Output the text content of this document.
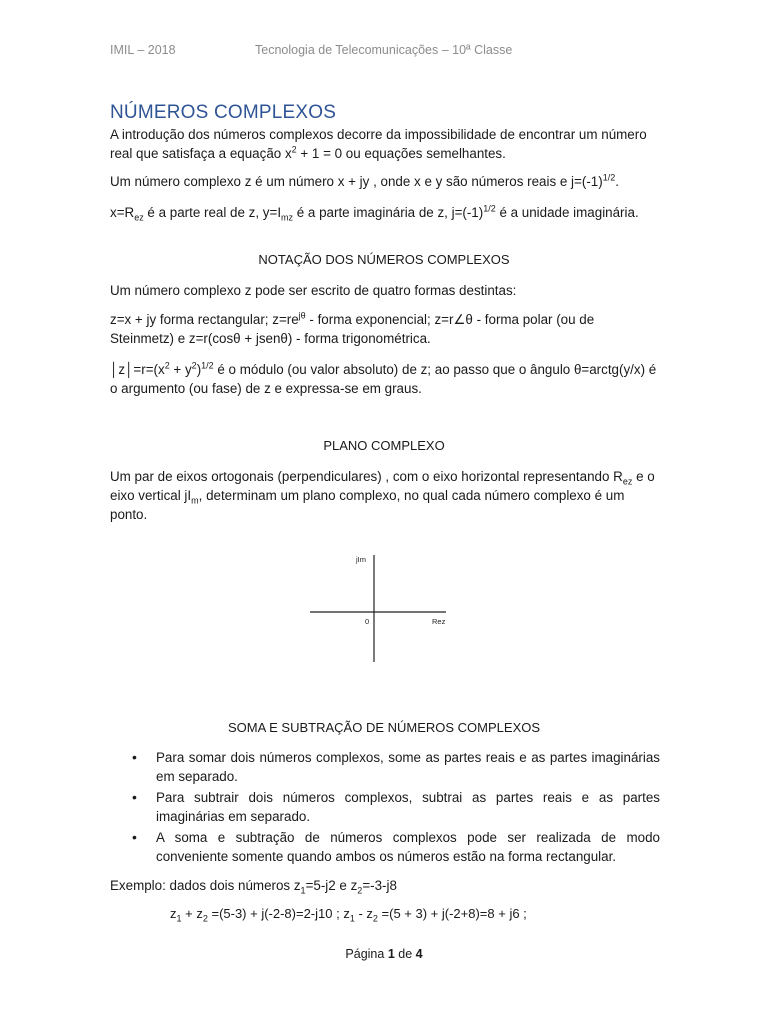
IMIL – 2018	Tecnologia de Telecomunicações – 10ª Classe
NÚMEROS COMPLEXOS

A introdução dos números complexos decorre da impossibilidade de encontrar um número real que satisfaça a equação $x^2 + 1 = 0$ ou equações semelhantes.

Um número complexo z é um número x + jy , onde x e y são números reais e $j=(-1)^{1/2}$.

$x=R_{ez}$ é a parte real de z, $y=I_{mz}$ é a parte imaginária de z, $j=(-1)^{1/2}$ é a unidade imaginária.

NOTAÇÃO DOS NÚMEROS COMPLEXOS

Um número complexo z pode ser escrito de quatro formas destintas:

z=x + jy forma rectangular; $z=re^{j\theta}$ - forma exponencial; z=r∠θ - forma polar (ou de Steinmetz) e z=r(cosθ + jsenθ) - forma trigonométrica.

$│z│=r=(x^2 + y^2)^{1/2}$ é o módulo (ou valor absoluto) de z; ao passo que o ângulo θ=arctg(y/x) é o argumento (ou fase) de z e expressa-se em graus.

PLANO COMPLEXO

Um par de eixos ortogonais (perpendiculares) , com o eixo horizontal representando $R_{ez}$ e o eixo vertical $jI_m$, determinam um plano complexo, no qual cada número complexo é um ponto.

jIm
Rez
0
SOMA E SUBTRAÇÃO DE NÚMEROS COMPLEXOS
• Para somar dois números complexos, some as partes reais e as partes imaginárias em separado.
• Para subtrair dois números complexos, subtrai as partes reais e as partes imaginárias em separado.
• A soma e subtração de números complexos pode ser realizada de modo conveniente somente quando ambos os números estão na forma rectangular.

Exemplo: dados dois números $z_1=5-j2$ e $z_2=-3-j8$

$z_1 + z_2 =(5-3) + j(-2-8)=2-j10$ ; $z_1 - z_2 =(5 + 3) + j(-2+8)=8 + j6$ ;
Página 1 de 4
